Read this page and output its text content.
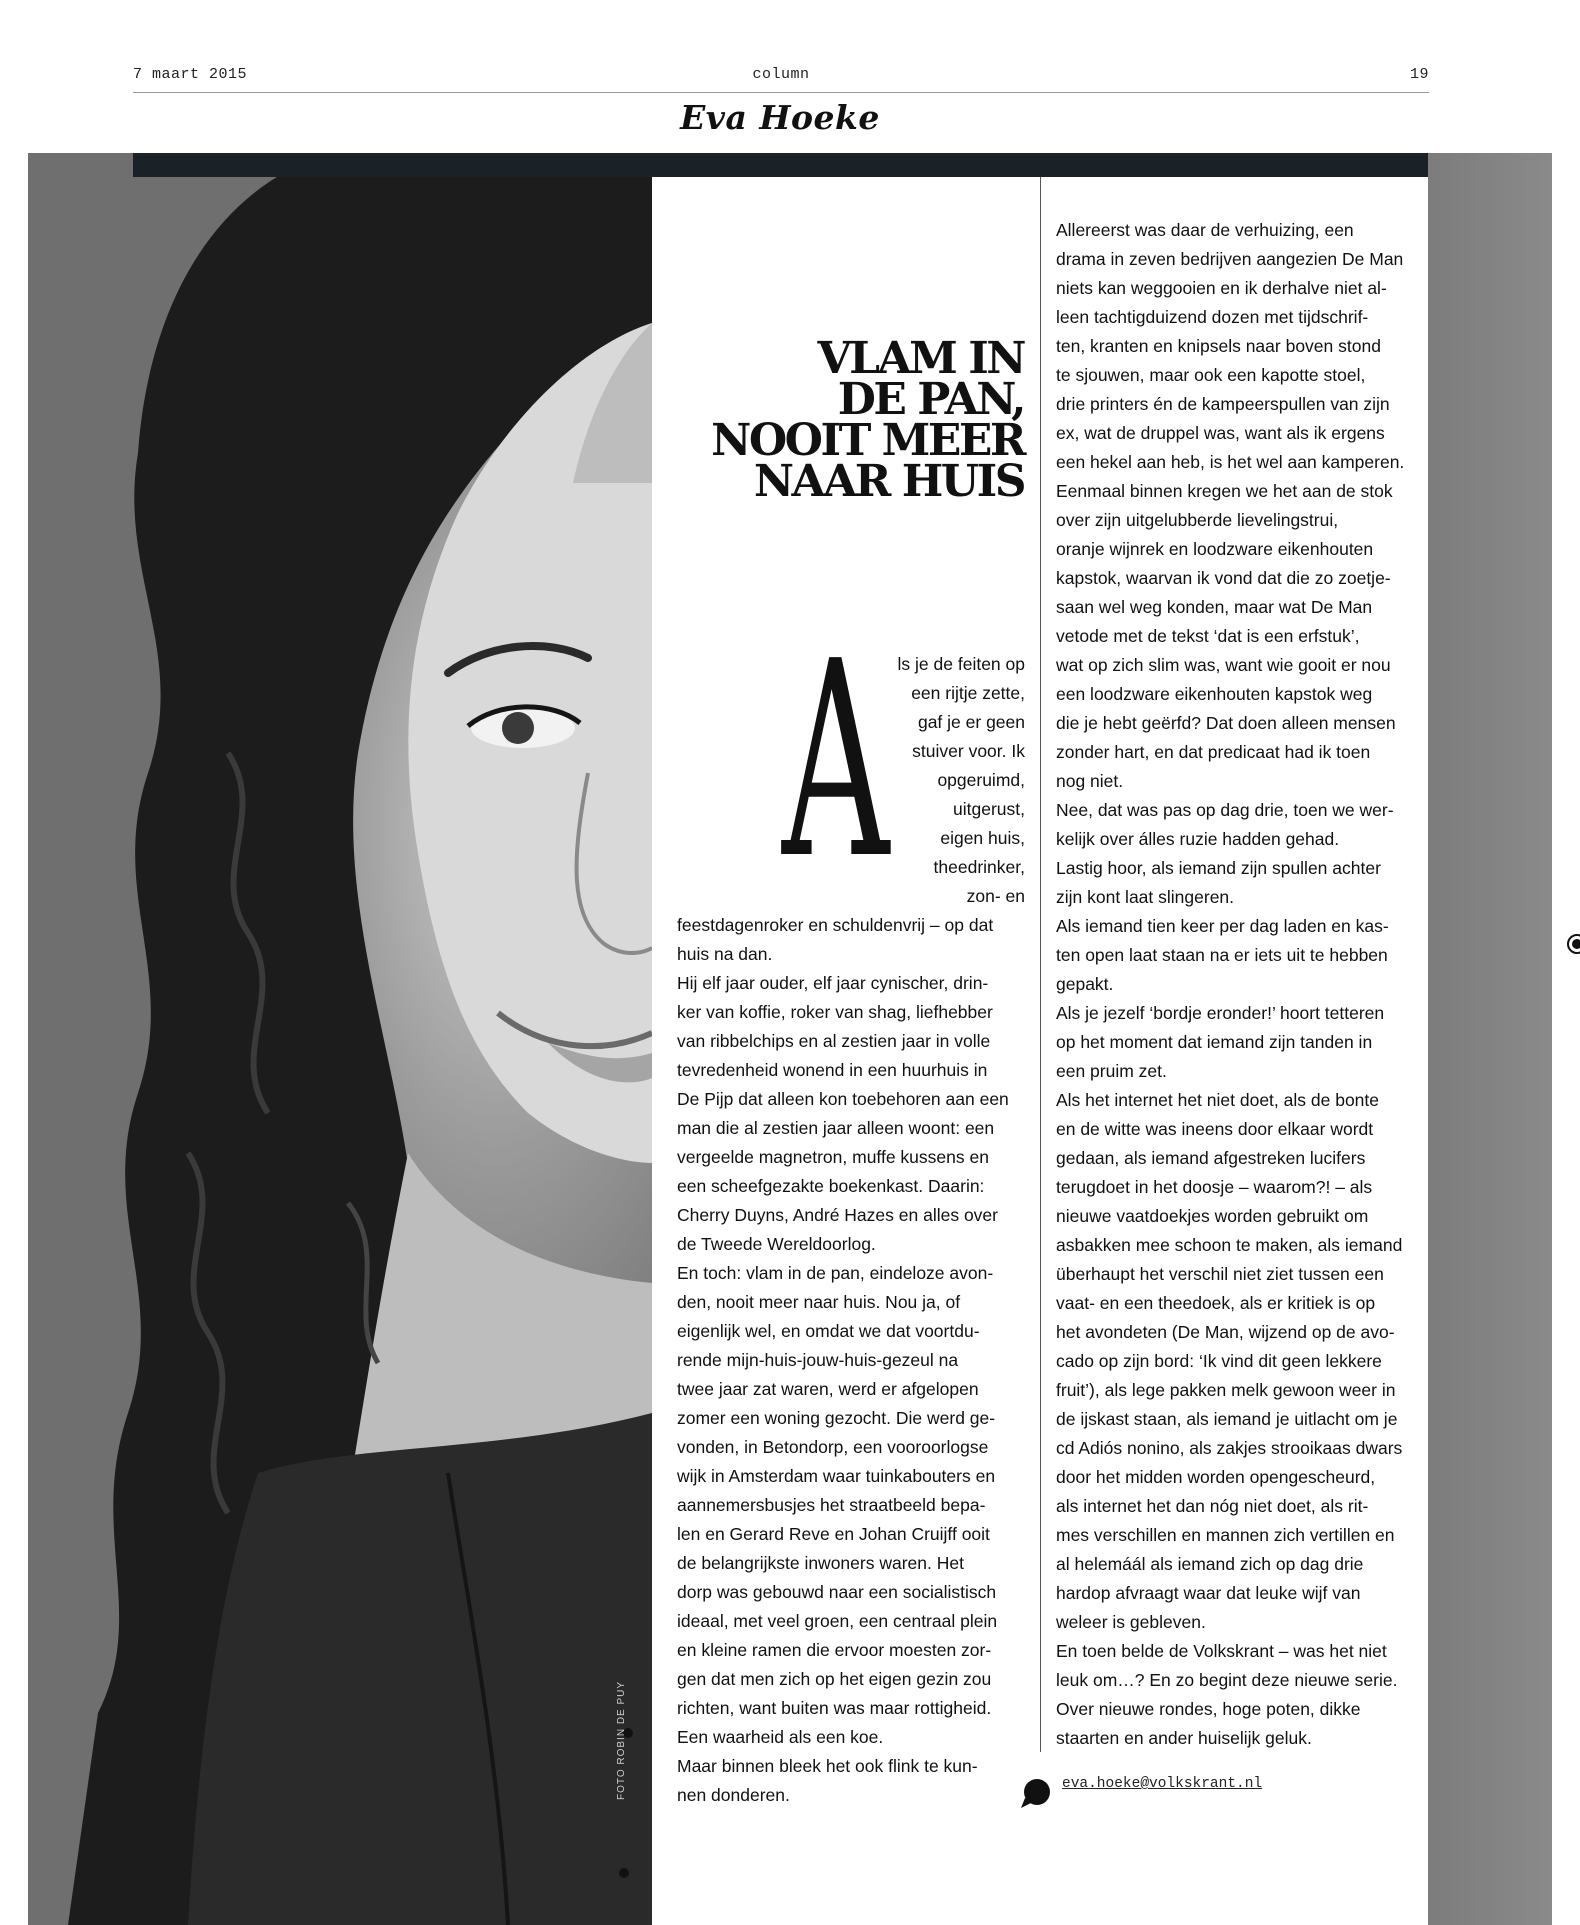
7 maart 2015	column	19
Eva Hoeke
FOTO ROBIN DE PUY
VLAM IN
DE PAN,
NOOIT MEER
NAAR HUIS
A ls je de feiten op
een rijtje zette,
gaf je er geen
stuiver voor. Ik
opgeruimd,
uitgerust,
eigen huis,
theedrinker,
zon- en
feestdagenroker en schuldenvrij – op dat
huis na dan.
Hij elf jaar ouder, elf jaar cynischer, drin-
ker van koffie, roker van shag, liefhebber
van ribbelchips en al zestien jaar in volle
tevredenheid wonend in een huurhuis in
De Pijp dat alleen kon toebehoren aan een
man die al zestien jaar alleen woont: een
vergeelde magnetron, muffe kussens en
een scheefgezakte boekenkast. Daarin:
Cherry Duyns, André Hazes en alles over
de Tweede Wereldoorlog.
En toch: vlam in de pan, eindeloze avon-
den, nooit meer naar huis. Nou ja, of
eigenlijk wel, en omdat we dat voortdu-
rende mijn-huis-jouw-huis-gezeul na
twee jaar zat waren, werd er afgelopen
zomer een woning gezocht. Die werd ge-
vonden, in Betondorp, een vooroorlogse
wijk in Amsterdam waar tuinkabouters en
aannemersbusjes het straatbeeld bepa-
len en Gerard Reve en Johan Cruijff ooit
de belangrijkste inwoners waren. Het
dorp was gebouwd naar een socialistisch
ideaal, met veel groen, een centraal plein
en kleine ramen die ervoor moesten zor-
gen dat men zich op het eigen gezin zou
richten, want buiten was maar rottigheid.
Een waarheid als een koe.
Maar binnen bleek het ook flink te kun-
nen donderen.
Allereerst was daar de verhuizing, een
drama in zeven bedrijven aangezien De Man
niets kan weggooien en ik derhalve niet al-
leen tachtigduizend dozen met tijdschrif-
ten, kranten en knipsels naar boven stond
te sjouwen, maar ook een kapotte stoel,
drie printers én de kampeerspullen van zijn
ex, wat de druppel was, want als ik ergens
een hekel aan heb, is het wel aan kamperen.
Eenmaal binnen kregen we het aan de stok
over zijn uitgelubberde lievelingstrui,
oranje wijnrek en loodzware eikenhouten
kapstok, waarvan ik vond dat die zo zoetje-
saan wel weg konden, maar wat De Man
vetode met de tekst ‘dat is een erfstuk’,
wat op zich slim was, want wie gooit er nou
een loodzware eikenhouten kapstok weg
die je hebt geërfd? Dat doen alleen mensen
zonder hart, en dat predicaat had ik toen
nog niet.
Nee, dat was pas op dag drie, toen we wer-
kelijk over álles ruzie hadden gehad.
Lastig hoor, als iemand zijn spullen achter
zijn kont laat slingeren.
Als iemand tien keer per dag laden en kas-
ten open laat staan na er iets uit te hebben
gepakt.
Als je jezelf ‘bordje eronder!’ hoort tetteren
op het moment dat iemand zijn tanden in
een pruim zet.
Als het internet het niet doet, als de bonte
en de witte was ineens door elkaar wordt
gedaan, als iemand afgestreken lucifers
terugdoet in het doosje – waarom?! – als
nieuwe vaatdoekjes worden gebruikt om
asbakken mee schoon te maken, als iemand
überhaupt het verschil niet ziet tussen een
vaat- en een theedoek, als er kritiek is op
het avondeten (De Man, wijzend op de avo-
cado op zijn bord: ‘Ik vind dit geen lekkere
fruit’), als lege pakken melk gewoon weer in
de ijskast staan, als iemand je uitlacht om je
cd Adiós nonino, als zakjes strooikaas dwars
door het midden worden opengescheurd,
als internet het dan nóg niet doet, als rit-
mes verschillen en mannen zich vertillen en
al helemáál als iemand zich op dag drie
hardop afvraagt waar dat leuke wijf van
weleer is gebleven.
En toen belde de Volkskrant – was het niet
leuk om…? En zo begint deze nieuwe serie.
Over nieuwe rondes, hoge poten, dikke
staarten en ander huiselijk geluk.
eva.hoeke@volkskrant.nl
